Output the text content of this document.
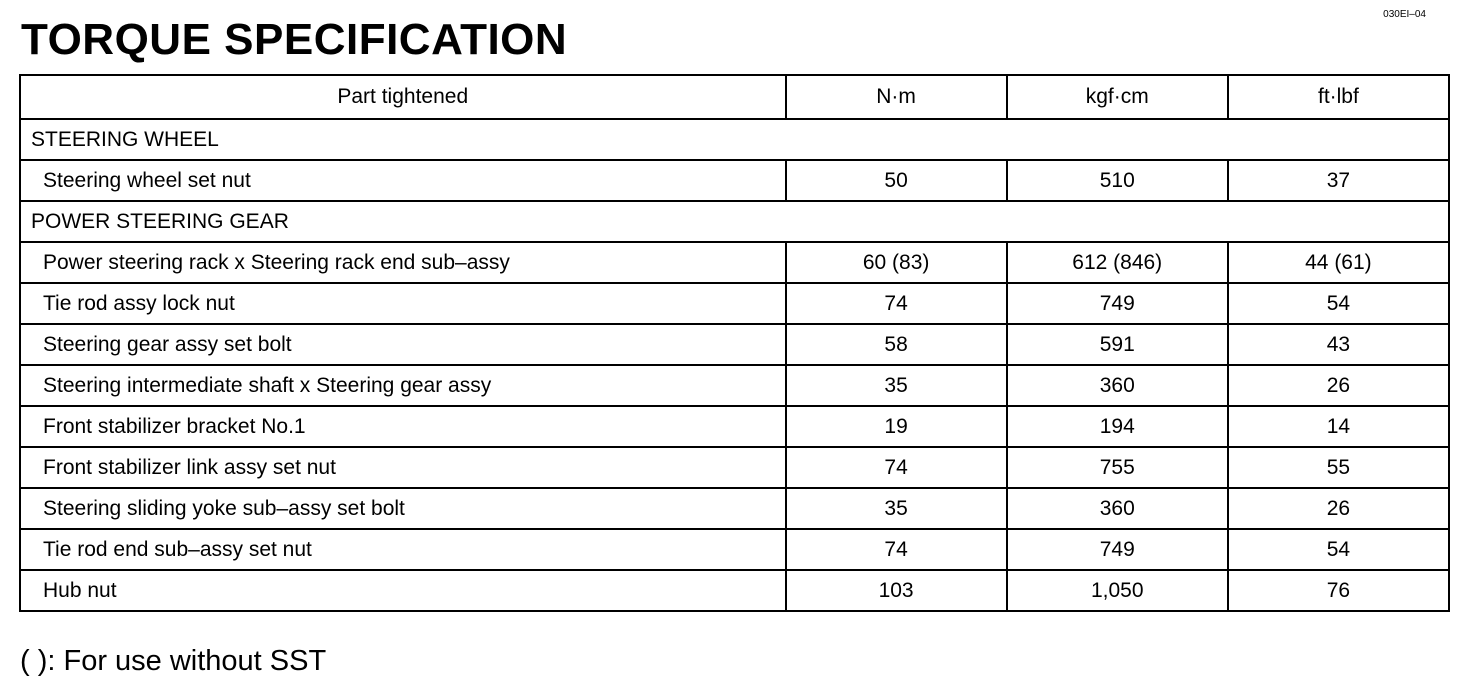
030EI–04
TORQUE SPECIFICATION
Part tightened	N·m	kgf·cm	ft·lbf
STEERING WHEEL			
Steering wheel set nut	50	510	37
POWER STEERING GEAR			
Power steering rack x Steering rack end sub–assy	60 (83)	612 (846)	44 (61)
Tie rod assy lock nut	74	749	54
Steering gear assy set bolt	58	591	43
Steering intermediate shaft x Steering gear assy	35	360	26
Front stabilizer bracket No.1	19	194	14
Front stabilizer link assy set nut	74	755	55
Steering sliding yoke sub–assy set bolt	35	360	26
Tie rod end sub–assy set nut	74	749	54
Hub nut	103	1,050	76
( ): For use without SST
